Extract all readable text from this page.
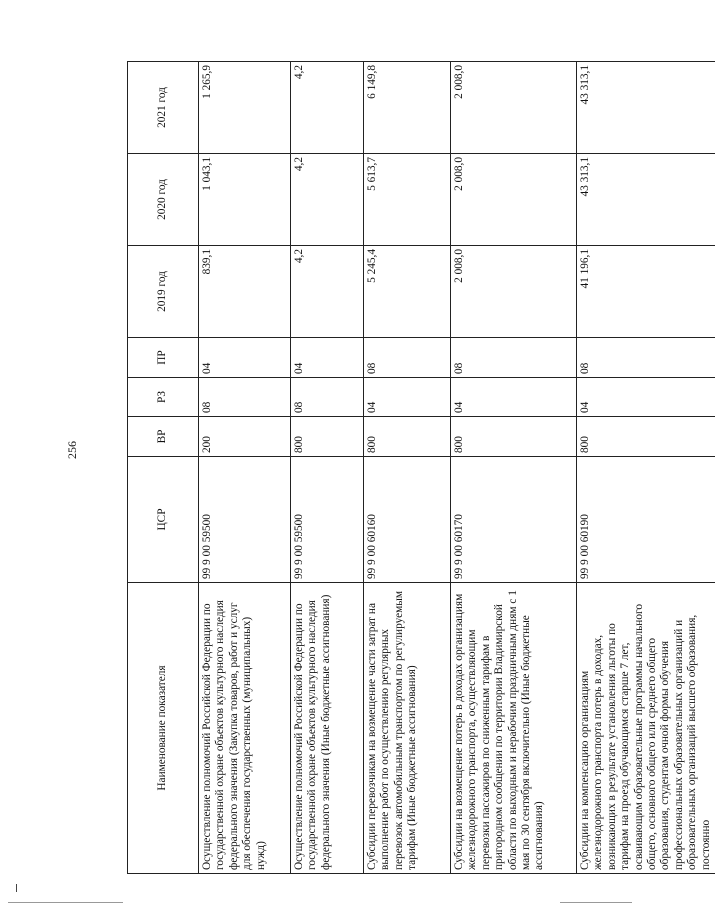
256
Наименование показателя	ЦСР	ВР	РЗ	ПР	2019 год	2020 год	2021 год
Осуществление полномочий Российской Федерации по государственной охране объектов культурного наследия федерального значения (Закупка товаров, работ и услуг для обеспечения государственных (муниципальных) нужд)	99 9 00 59500	200	08	04	839,1	1 043,1	1 265,9
Осуществление полномочий Российской Федерации по государственной охране объектов культурного наследия федерального значения (Иные бюджетные ассигнования)	99 9 00 59500	800	08	04	4,2	4,2	4,2
Субсидии перевозчикам на возмещение части затрат на выполнение работ по осуществлению регулярных перевозок автомобильным транспортом по регулируемым тарифам (Иные бюджетные ассигнования)	99 9 00 60160	800	04	08	5 245,4	5 613,7	6 149,8
Субсидии на возмещение потерь в доходах организациям железнодорожного транспорта, осуществляющим перевозки пассажиров по сниженным тарифам в пригородном сообщении по территории Владимирской области по выходным и нерабочим праздничным дням с 1 мая по 30 сентября включительно (Иные бюджетные ассигнования)	99 9 00 60170	800	04	08	2 008,0	2 008,0	2 008,0
Субсидии на компенсацию организациям железнодорожного транспорта потерь в доходах, возникающих в результате установления льготы по тарифам на проезд обучающимся старше 7 лет, осваивающим образовательные программы начального общего, основного общего или среднего общего образования, студентам очной формы обучения профессиональных образовательных организаций и образовательных организаций высшего образования, постоянно	99 9 00 60190	800	04	08	41 196,1	43 313,1	43 313,1
